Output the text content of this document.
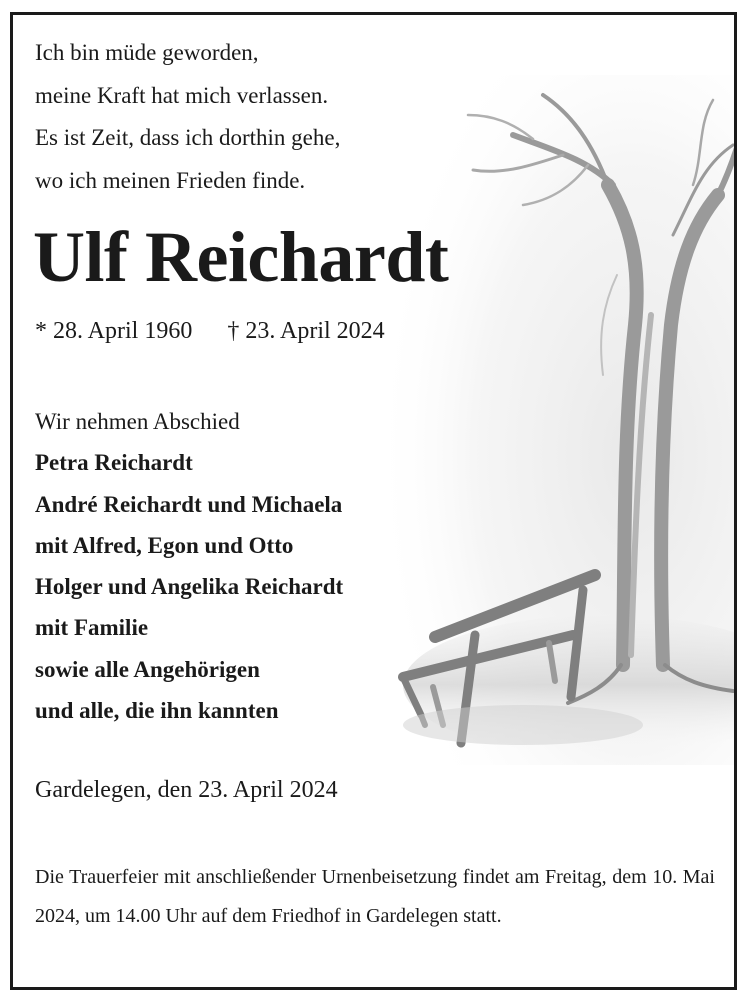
Ich bin müde geworden,
meine Kraft hat mich verlassen.
Es ist Zeit, dass ich dorthin gehe,
wo ich meinen Frieden finde.
Ulf Reichardt
* 28. April 1960 † 23. April 2024
Wir nehmen Abschied
Petra Reichardt
André Reichardt und Michaela
mit Alfred, Egon und Otto
Holger und Angelika Reichardt
mit Familie
sowie alle Angehörigen
und alle, die ihn kannten
Gardelegen, den 23. April 2024
Die Trauerfeier mit anschließender Urnenbeisetzung findet am Freitag, dem 10. Mai 2024, um 14.00 Uhr auf dem Friedhof in Gardelegen statt.
